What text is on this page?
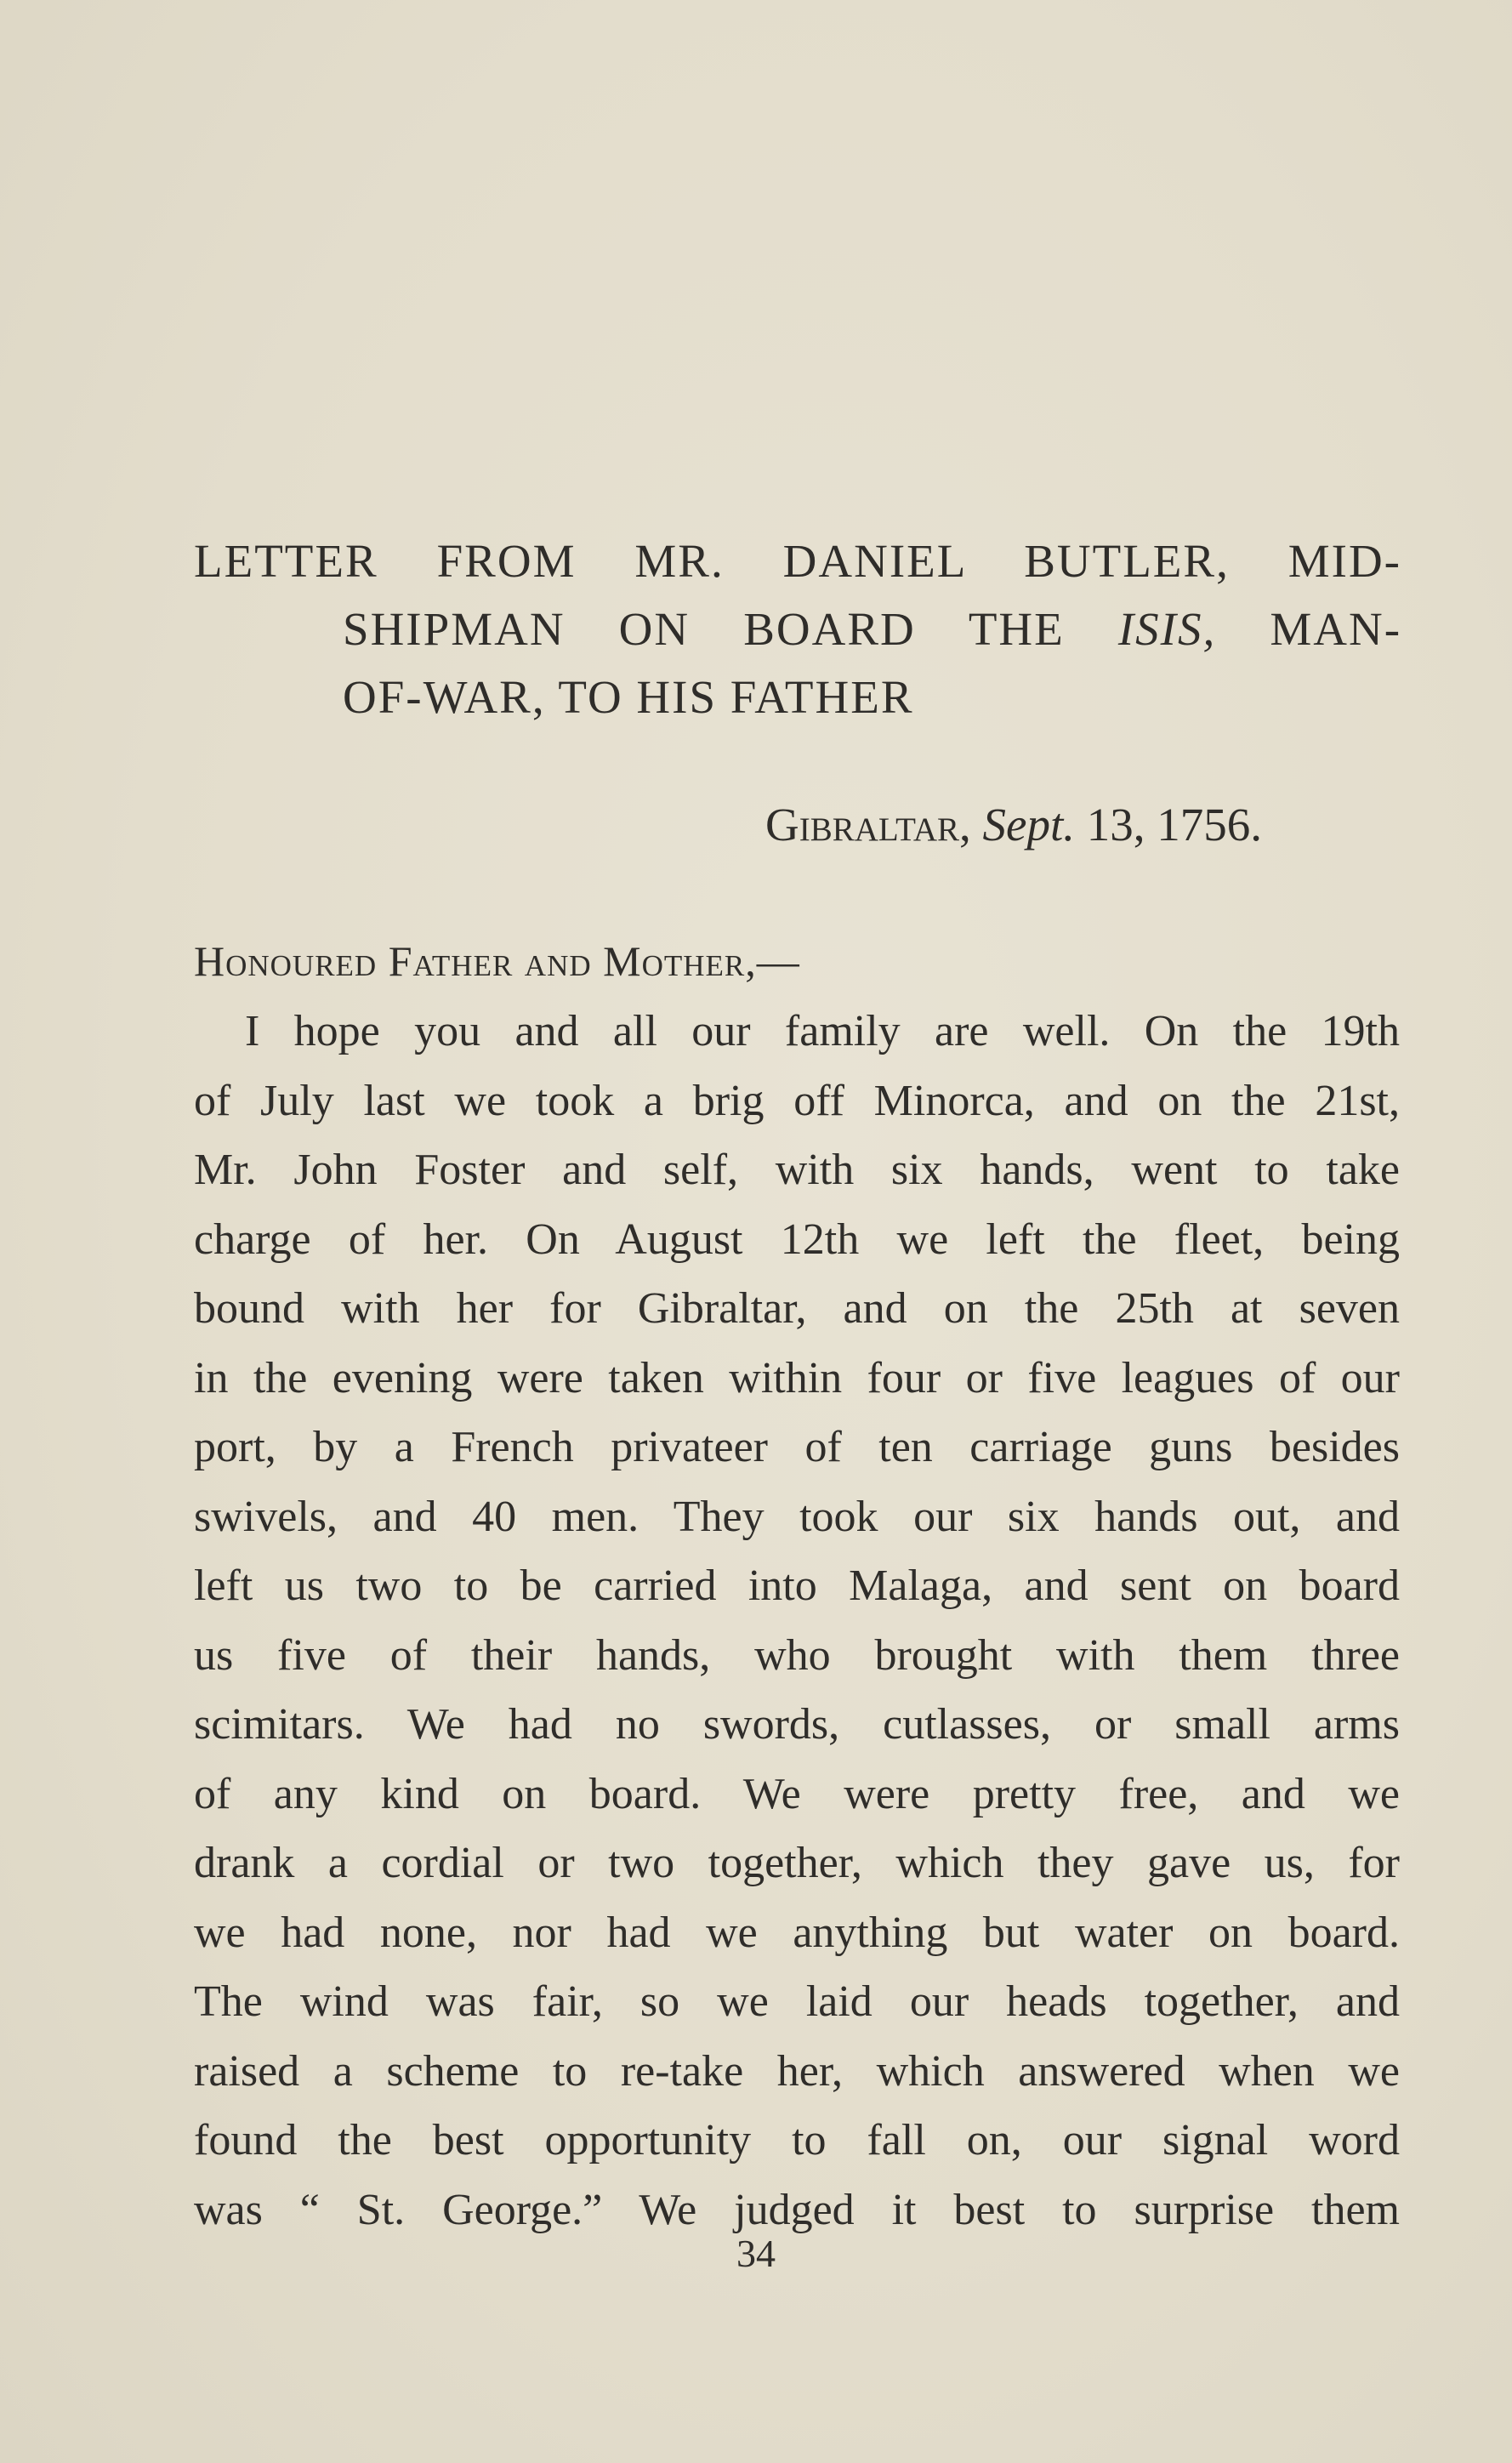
LETTER FROM MR. DANIEL BUTLER, MID-
SHIPMAN ON BOARD THE ISIS, MAN-
OF-WAR, TO HIS FATHER
Gibraltar, Sept. 13, 1756.
Honoured Father and Mother,—
I hope you and all our family are well. On the 19th
of July last we took a brig off Minorca, and on the 21st,
Mr. John Foster and self, with six hands, went to take
charge of her. On August 12th we left the fleet, being
bound with her for Gibraltar, and on the 25th at seven
in the evening were taken within four or five leagues of our
port, by a French privateer of ten carriage guns besides
swivels, and 40 men. They took our six hands out, and
left us two to be carried into Malaga, and sent on board
us five of their hands, who brought with them three
scimitars. We had no swords, cutlasses, or small arms
of any kind on board. We were pretty free, and we
drank a cordial or two together, which they gave us, for
we had none, nor had we anything but water on board.
The wind was fair, so we laid our heads together, and
raised a scheme to re-take her, which answered when we
found the best opportunity to fall on, our signal word
was “ St. George.” We judged it best to surprise them
34
